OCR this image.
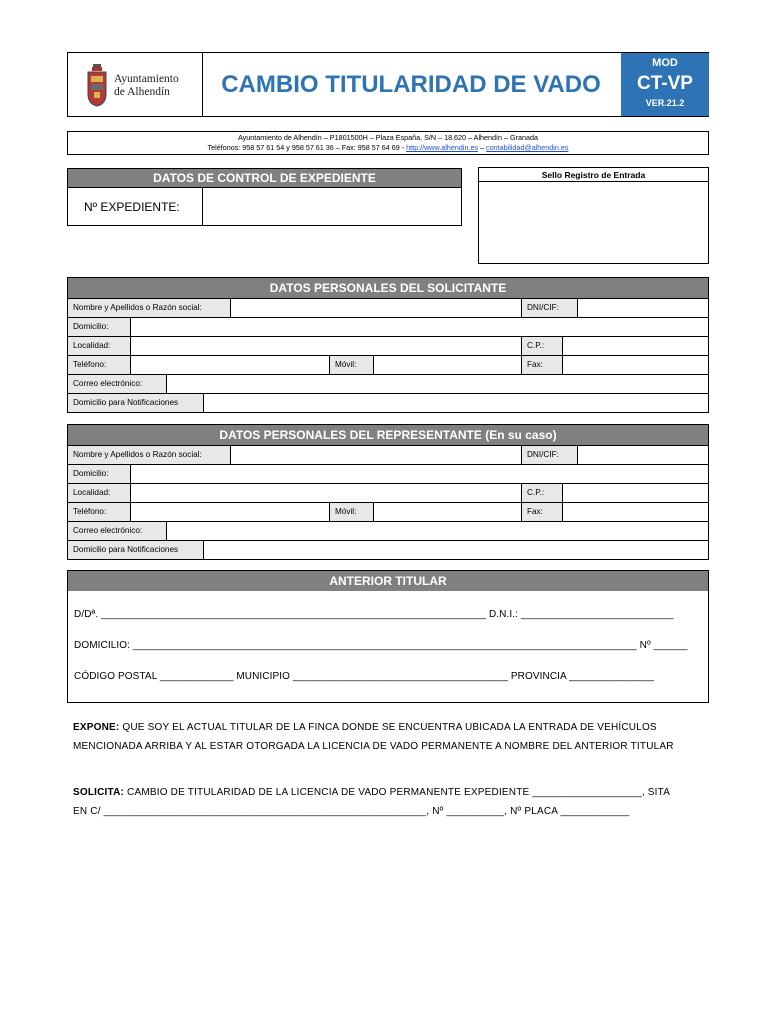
Ayuntamiento
de Alhendín	CAMBIO TITULARIDAD DE VADO
MOD
CT-VP
VER.21.2
Ayuntamiento de Alhendín – P1801500H – Plaza España, S/N – 18.620 – Alhendín – Granada
Teléfonos: 958 57 61 54 y 958 57 61 36 – Fax: 958 57 64 69 - http://www.alhendin.es – contabilidad@alhendin.es
DATOS DE CONTROL DE EXPEDIENTE
Nº EXPEDIENTE:
Sello Registro de Entrada
DATOS PERSONALES DEL SOLICITANTE
Nombre y Apellidos o Razón social:	DNI/CIF:
Domicilio:
Localidad:	C.P.:
Teléfono:	Móvil:	Fax:
Correo electrónico:
Domicilio para Notificaciones
DATOS PERSONALES DEL REPRESENTANTE (En su caso)
Nombre y Apellidos o Razón social:	DNI/CIF:
Domicilio:
Localidad:	C.P.:
Teléfono:	Móvil:	Fax:
Correo electrónico:
Domicilio para Notificaciones
ANTERIOR TITULAR
D/Dª. ____________________________________________________________________ D.N.I.: ___________________________
DOMICILIO: _________________________________________________________________________________________ Nº ______
CÓDIGO POSTAL _____________ MUNICIPIO ______________________________________ PROVINCIA _______________
EXPONE: QUE SOY EL ACTUAL TITULAR DE LA FINCA DONDE SE ENCUENTRA UBICADA LA ENTRADA DE VEHÍCULOS
MENCIONADA ARRIBA Y AL ESTAR OTORGADA LA LICENCIA DE VADO PERMANENTE A NOMBRE DEL ANTERIOR TITULAR
SOLICITA: CAMBIO DE TITULARIDAD DE LA LICENCIA DE VADO PERMANENTE EXPEDIENTE ___________________, SITA
EN C/ ________________________________________________________, Nº __________, Nº PLACA ____________
